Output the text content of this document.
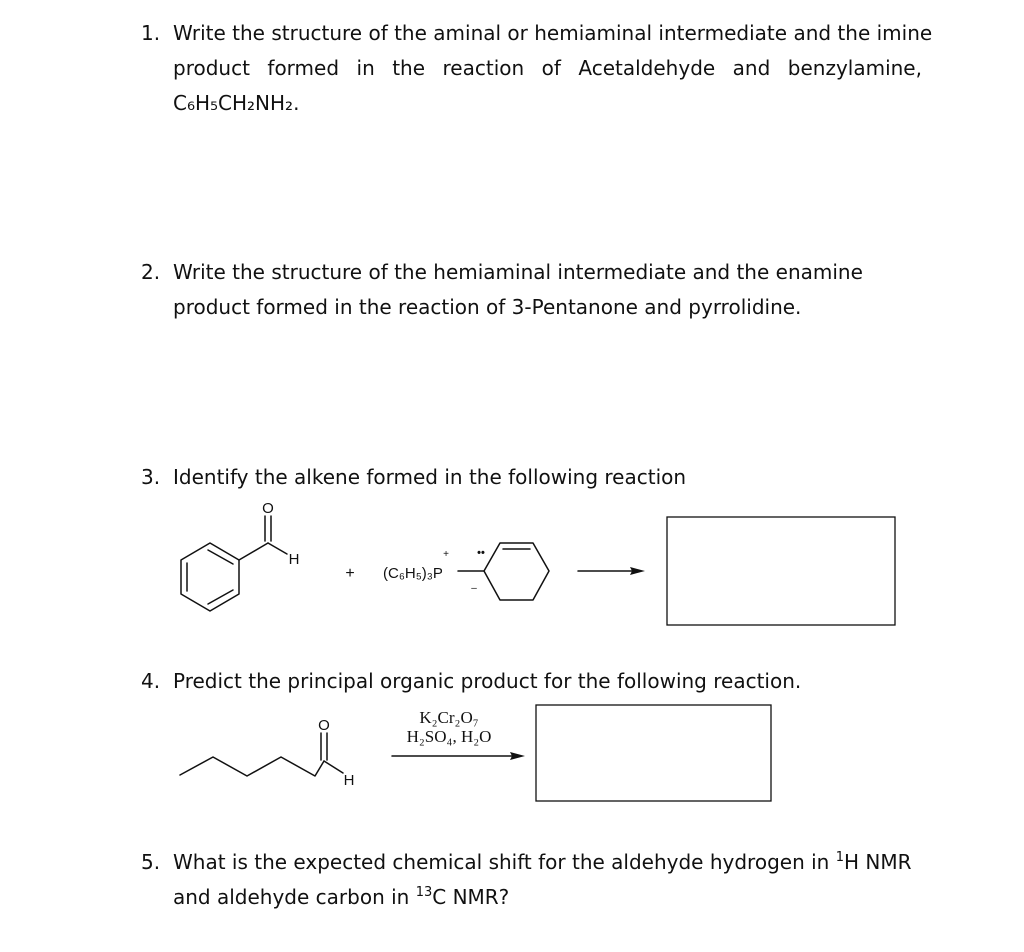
1. Write the structure of the aminal or hemiaminal intermediate and the imine
product formed in the reaction of Acetaldehyde and benzylamine,
C₆H₅CH₂NH₂.
2. Write the structure of the hemiaminal intermediate and the enamine
product formed in the reaction of 3-Pentanone and pyrrolidine.
3. Identify the alkene formed in the following reaction
4. Predict the principal organic product for the following reaction.
5. What is the expected chemical shift for the aldehyde hydrogen in $^1$H NMR
and aldehyde carbon in $^{13}$C NMR?
O
H
+ (C₆H₅)₃P
+
–
••
O
H
K₂Cr₂O₇
H₂SO₄, H₂O
